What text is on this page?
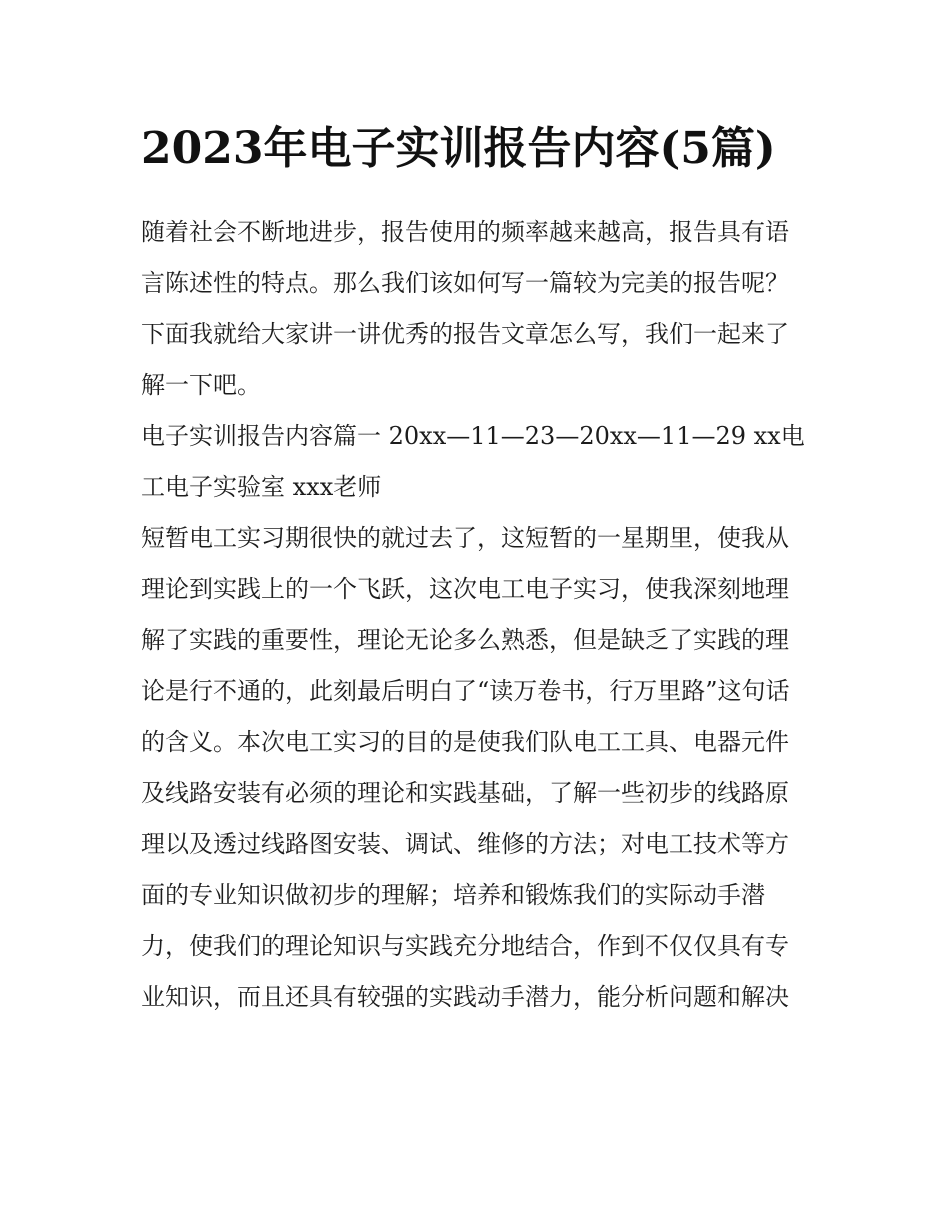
2023年电子实训报告内容(5篇)

随着社会不断地进步，报告使用的频率越来越高，报告具有语言陈述性的特点。那么我们该如何写一篇较为完美的报告呢？下面我就给大家讲一讲优秀的报告文章怎么写，我们一起来了解一下吧。

电子实训报告内容篇一 20xx—11—23—20xx—11—29 xx电工电子实验室 xxx老师

短暂电工实习期很快的就过去了，这短暂的一星期里，使我从理论到实践上的一个飞跃，这次电工电子实习，使我深刻地理解了实践的重要性，理论无论多么熟悉，但是缺乏了实践的理论是行不通的，此刻最后明白了“读万卷书，行万里路”这句话的含义。本次电工实习的目的是使我们队电工工具、电器元件及线路安装有必须的理论和实践基础，了解一些初步的线路原理以及透过线路图安装、调试、维修的方法；对电工技术等方面的专业知识做初步的理解；培养和锻炼我们的实际动手潜力，使我们的理论知识与实践充分地结合，作到不仅仅具有专业知识，而且还具有较强的实践动手潜力，能分析问题和解决
